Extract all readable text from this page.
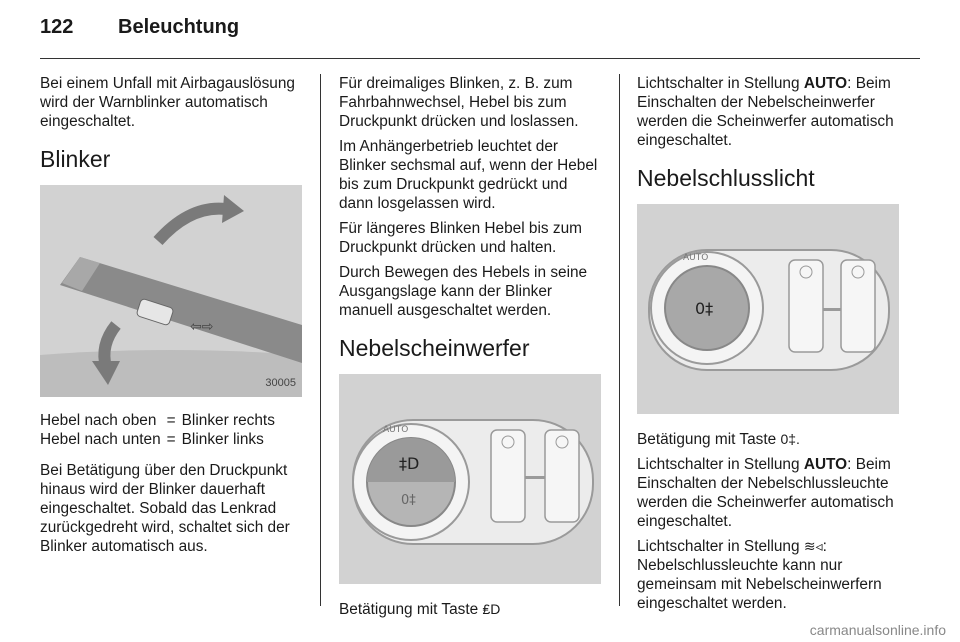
122	Beleuchtung

Bei einem Unfall mit Airbagauslösung wird der Warnblinker automatisch eingeschaltet.

Blinker
⇦⇨
30005
Hebel nach oben	=	Blinker rechts
Hebel nach unten	=	Blinker links

Bei Betätigung über den Druckpunkt hinaus wird der Blinker dauerhaft eingeschaltet. Sobald das Lenkrad zurückgedreht wird, schaltet sich der Blinker automatisch aus.

Für dreimaliges Blinken, z. B. zum Fahrbahnwechsel, Hebel bis zum Druckpunkt drücken und loslassen.

Im Anhängerbetrieb leuchtet der Blinker sechsmal auf, wenn der Hebel bis zum Druckpunkt gedrückt und dann losgelassen wird.

Für längeres Blinken Hebel bis zum Druckpunkt drücken und halten.

Durch Bewegen des Hebels in seine Ausgangslage kann der Blinker manuell ausgeschaltet werden.

Nebelscheinwerfer
‡D
0‡
AUTO

Betätigung mit Taste ₤D

Lichtschalter in Stellung AUTO: Beim Einschalten der Nebelscheinwerfer werden die Scheinwerfer automatisch eingeschaltet.

Nebelschlusslicht
0‡
AUTO

Betätigung mit Taste 0‡.

Lichtschalter in Stellung AUTO: Beim Einschalten der Nebelschlussleuchte werden die Scheinwerfer automatisch eingeschaltet.

Lichtschalter in Stellung ≋◃: Nebelschlussleuchte kann nur gemeinsam mit Nebelscheinwerfern eingeschaltet werden.

carmanualsonline.info
